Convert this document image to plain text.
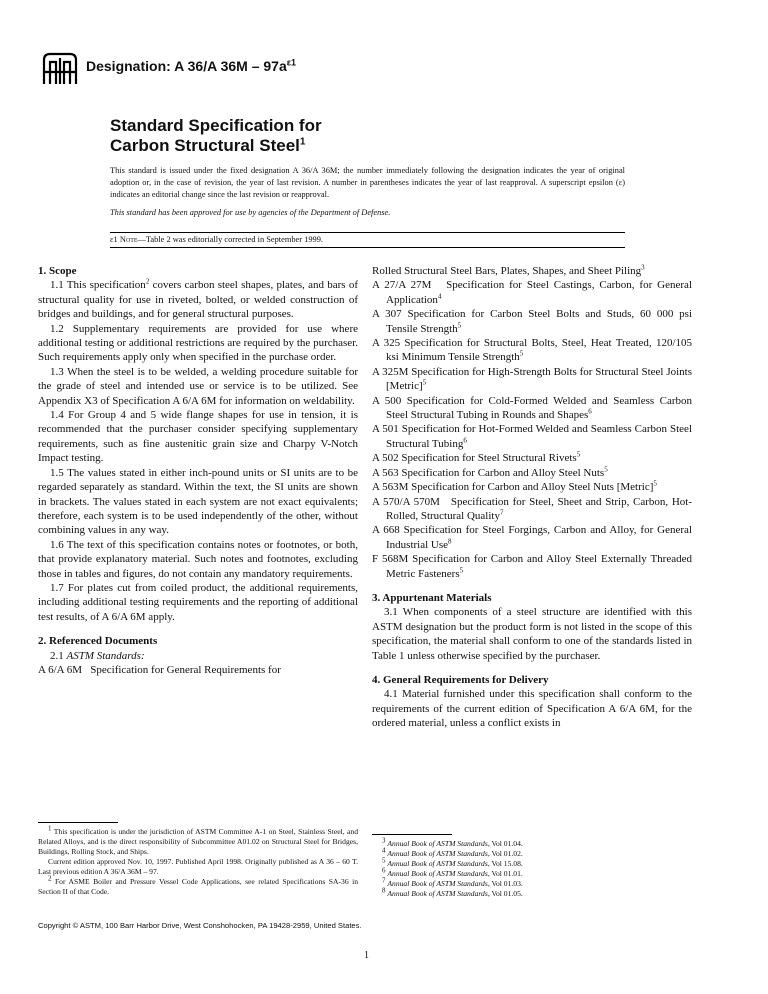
Designation: A 36/A $36M - 97a^{\varepsilon 1}$
Standard Specification for
Carbon Structural Steel$^1$

This standard is issued under the fixed designation A 36/A 36M; the number immediately following the designation indicates the year of original adoption or, in the case of revision, the year of last revision. A number in parentheses indicates the year of last reapproval. A superscript epsilon (ε) indicates an editorial change since the last revision or reapproval.

This standard has been approved for use by agencies of the Department of Defense.

ε1 Note—Table 2 was editorially corrected in September 1999.
1. Scope

1.1 This specification$^2$ covers carbon steel shapes, plates, and bars of structural quality for use in riveted, bolted, or welded construction of bridges and buildings, and for general structural purposes.

1.2 Supplementary requirements are provided for use where additional testing or additional restrictions are required by the purchaser. Such requirements apply only when specified in the purchase order.

1.3 When the steel is to be welded, a welding procedure suitable for the grade of steel and intended use or service is to be utilized. See Appendix X3 of Specification A 6/A 6M for information on weldability.

1.4 For Group 4 and 5 wide flange shapes for use in tension, it is recommended that the purchaser consider specifying supplementary requirements, such as fine austenitic grain size and Charpy V-Notch Impact testing.

1.5 The values stated in either inch-pound units or SI units are to be regarded separately as standard. Within the text, the SI units are shown in brackets. The values stated in each system are not exact equivalents; therefore, each system is to be used independently of the other, without combining values in any way.

1.6 The text of this specification contains notes or footnotes, or both, that provide explanatory material. Such notes and footnotes, excluding those in tables and figures, do not contain any mandatory requirements.

1.7 For plates cut from coiled product, the additional requirements, including additional testing requirements and the reporting of additional test results, of A 6/A 6M apply.

2. Referenced Documents

2.1 ASTM Standards:

A 6/A 6M   Specification for General Requirements for

Rolled Structural Steel Bars, Plates, Shapes, and Sheet Piling$^3$

A 27/A 27M   Specification for Steel Castings, Carbon, for General Application$^4$

A 307 Specification for Carbon Steel Bolts and Studs, 60 000 psi Tensile Strength$^5$

A 325 Specification for Structural Bolts, Steel, Heat Treated, 120/105 ksi Minimum Tensile Strength$^5$

A 325M Specification for High-Strength Bolts for Structural Steel Joints [Metric]$^5$

A 500 Specification for Cold-Formed Welded and Seamless Carbon Steel Structural Tubing in Rounds and Shapes$^6$

A 501 Specification for Hot-Formed Welded and Seamless Carbon Steel Structural Tubing$^6$

A 502 Specification for Steel Structural Rivets$^5$

A 563 Specification for Carbon and Alloy Steel Nuts$^5$

A 563M Specification for Carbon and Alloy Steel Nuts [Metric]$^5$

A 570/A 570M   Specification for Steel, Sheet and Strip, Carbon, Hot-Rolled, Structural Quality$^7$

A 668 Specification for Steel Forgings, Carbon and Alloy, for General Industrial Use$^8$

F 568M Specification for Carbon and Alloy Steel Externally Threaded Metric Fasteners$^5$

3. Appurtenant Materials

3.1 When components of a steel structure are identified with this ASTM designation but the product form is not listed in the scope of this specification, the material shall conform to one of the standards listed in Table 1 unless otherwise specified by the purchaser.

4. General Requirements for Delivery

4.1 Material furnished under this specification shall conform to the requirements of the current edition of Specification A 6/A 6M, for the ordered material, unless a conflict exists in

$^1$ This specification is under the jurisdiction of ASTM Committee A-1 on Steel, Stainless Steel, and Related Alloys, and is the direct responsibility of Subcommittee A01.02 on Structural Steel for Bridges, Buildings, Rolling Stock, and Ships.

Current edition approved Nov. 10, 1997. Published April 1998. Originally published as A 36 – 60 T. Last previous edition A 36/A 36M – 97.

$^2$ For ASME Boiler and Pressure Vessel Code Applications, see related Specifications SA-36 in Section II of that Code.

$^3$ Annual Book of ASTM Standards, Vol 01.04.

$^4$ Annual Book of ASTM Standards, Vol 01.02.

$^5$ Annual Book of ASTM Standards, Vol 15.08.

$^6$ Annual Book of ASTM Standards, Vol 01.01.

$^7$ Annual Book of ASTM Standards, Vol 01.03.

$^8$ Annual Book of ASTM Standards, Vol 01.05.

Copyright © ASTM, 100 Barr Harbor Drive, West Conshohocken, PA 19428-2959, United States.
1
